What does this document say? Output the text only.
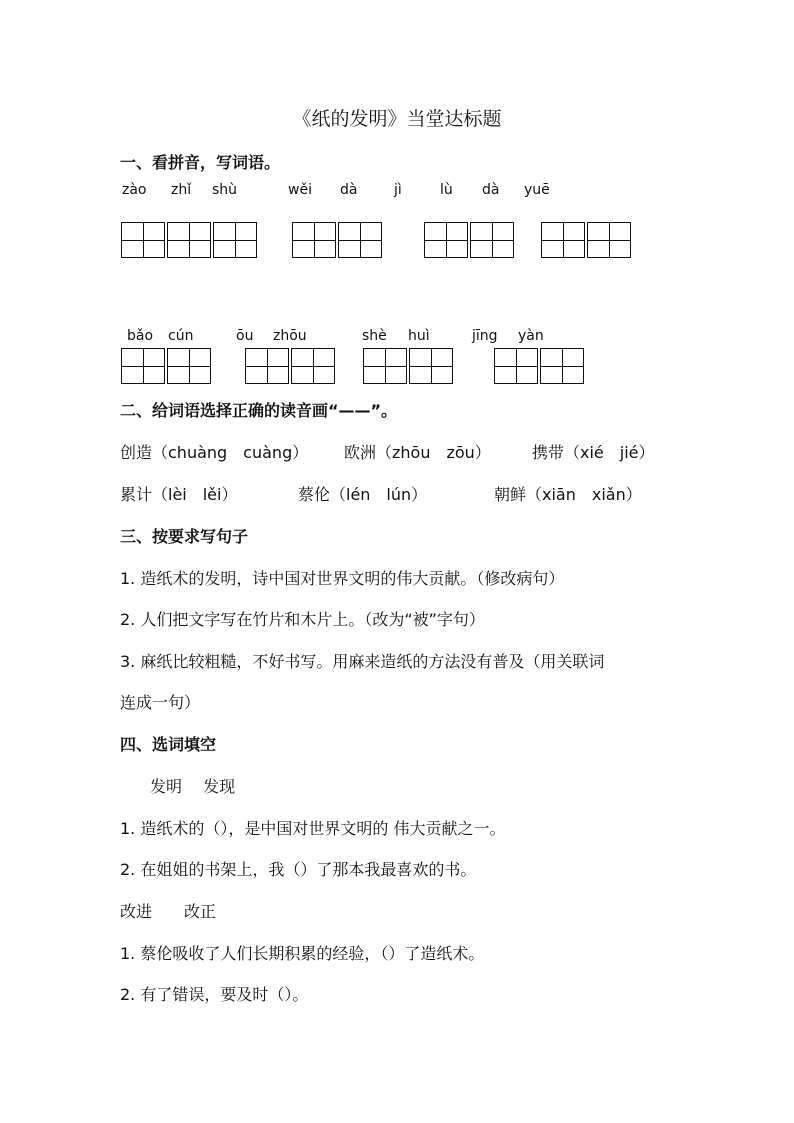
《纸的发明》当堂达标题
一、看拼音，写词语。
zào zhǐ shù	wěi dà	jì	lù dà yuē
bǎo cún	ōu zhōu	shè huì	jīng yàn
二、给词语选择正确的读音画“——”。
创造（chuàng　cuàng） 欧洲（zhōu　zōu）	携带（xié　jié）
累计（lèi　lěi）	蔡伦（lén　lún）	朝鲜（xiān　xiǎn）
三、按要求写句子
1. 造纸术的发明，诗中国对世界文明的伟大贡献。（修改病句）
2. 人们把文字写在竹片和木片上。（改为“被”字句）
3. 麻纸比较粗糙，不好书写。用麻来造纸的方法没有普及（用关联词
连成一句）
四、选词填空
发明　 发现
1. 造纸术的（），是中国对世界文明的 伟大贡献之一。
2. 在姐姐的书架上，我（）了那本我最喜欢的书。
改进　　改正
1. 蔡伦吸收了人们长期积累的经验，（）了造纸术。
2. 有了错误，要及时（）。
